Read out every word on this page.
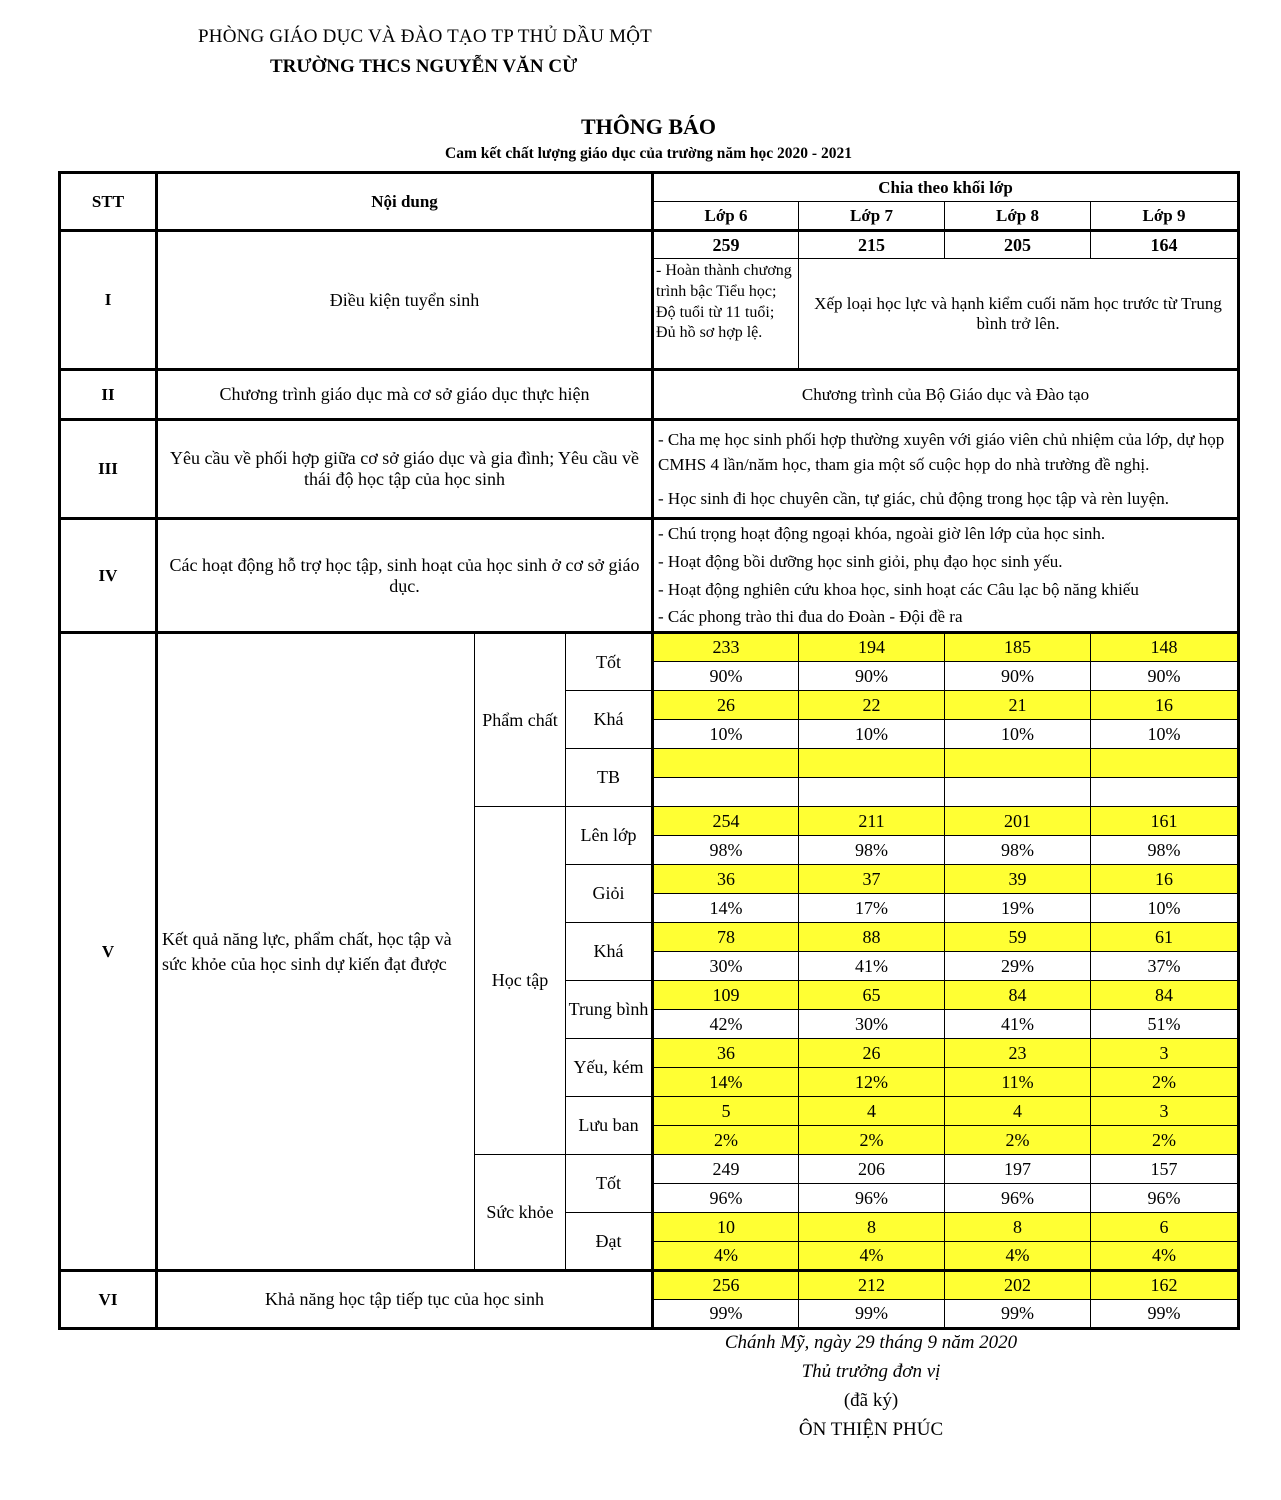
PHÒNG GIÁO DỤC VÀ ĐÀO TẠO TP THỦ DẦU MỘT
TRƯỜNG THCS NGUYỄN VĂN CỪ
THÔNG BÁO
Cam kết chất lượng giáo dục của trường năm học 2020 - 2021
STT	Nội dung			Chia theo khối lớp			
				Lớp 6	Lớp 7	Lớp 8	Lớp 9
I	Điều kiện tuyển sinh			259	215	205	164
				- Hoàn thành chương trình bậc Tiểu học; Độ tuổi từ 11 tuổi; Đủ hồ sơ hợp lệ.	Xếp loại học lực và hạnh kiểm cuối năm học trước từ Trung bình trở lên.		
II	Chương trình giáo dục mà cơ sở giáo dục thực hiện			Chương trình của Bộ Giáo dục và Đào tạo			
III	Yêu cầu về phối hợp giữa cơ sở giáo dục và gia đình; Yêu cầu về thái độ học tập của học sinh			- Cha mẹ học sinh phối hợp thường xuyên với giáo viên chủ nhiệm của lớp, dự họp CMHS 4 lần/năm học, tham gia một số cuộc họp do nhà trường đề nghị.
- Học sinh đi học chuyên cần, tự giác, chủ động trong học tập và rèn luyện.			

IV	Các hoạt động hỗ trợ học tập, sinh hoạt của học sinh ở cơ sở giáo dục.			- Chú trọng hoạt động ngoại khóa, ngoài giờ lên lớp của học sinh.
- Hoạt động bồi dưỡng học sinh giỏi, phụ đạo học sinh yếu.
- Hoạt động nghiên cứu khoa học, sinh hoạt các Câu lạc bộ năng khiếu
- Các phong trào thi đua do Đoàn - Đội đề ra			

V	Kết quả năng lực, phẩm chất, học tập và sức khỏe của học sinh dự kiến đạt được	Phẩm chất	Tốt	233	194	185	148
				90%	90%	90%	90%
			Khá	26	22	21	16
				10%	10%	10%	10%
			TB				

		Học tập	Lên lớp	254	211	201	161
				98%	98%	98%	98%
			Giỏi	36	37	39	16
				14%	17%	19%	10%
			Khá	78	88	59	61
				30%	41%	29%	37%
			Trung bình	109	65	84	84
				42%	30%	41%	51%
			Yếu, kém	36	26	23	3
				14%	12%	11%	2%
			Lưu ban	5	4	4	3
				2%	2%	2%	2%
		Sức khỏe	Tốt	249	206	197	157
				96%	96%	96%	96%
			Đạt	10	8	8	6
				4%	4%	4%	4%
VI	Khả năng học tập tiếp tục của học sinh			256	212	202	162
				99%	99%	99%	99%
Chánh Mỹ, ngày 29 tháng 9 năm 2020
Thủ trưởng đơn vị
(đã ký)
ÔN THIỆN PHÚC
